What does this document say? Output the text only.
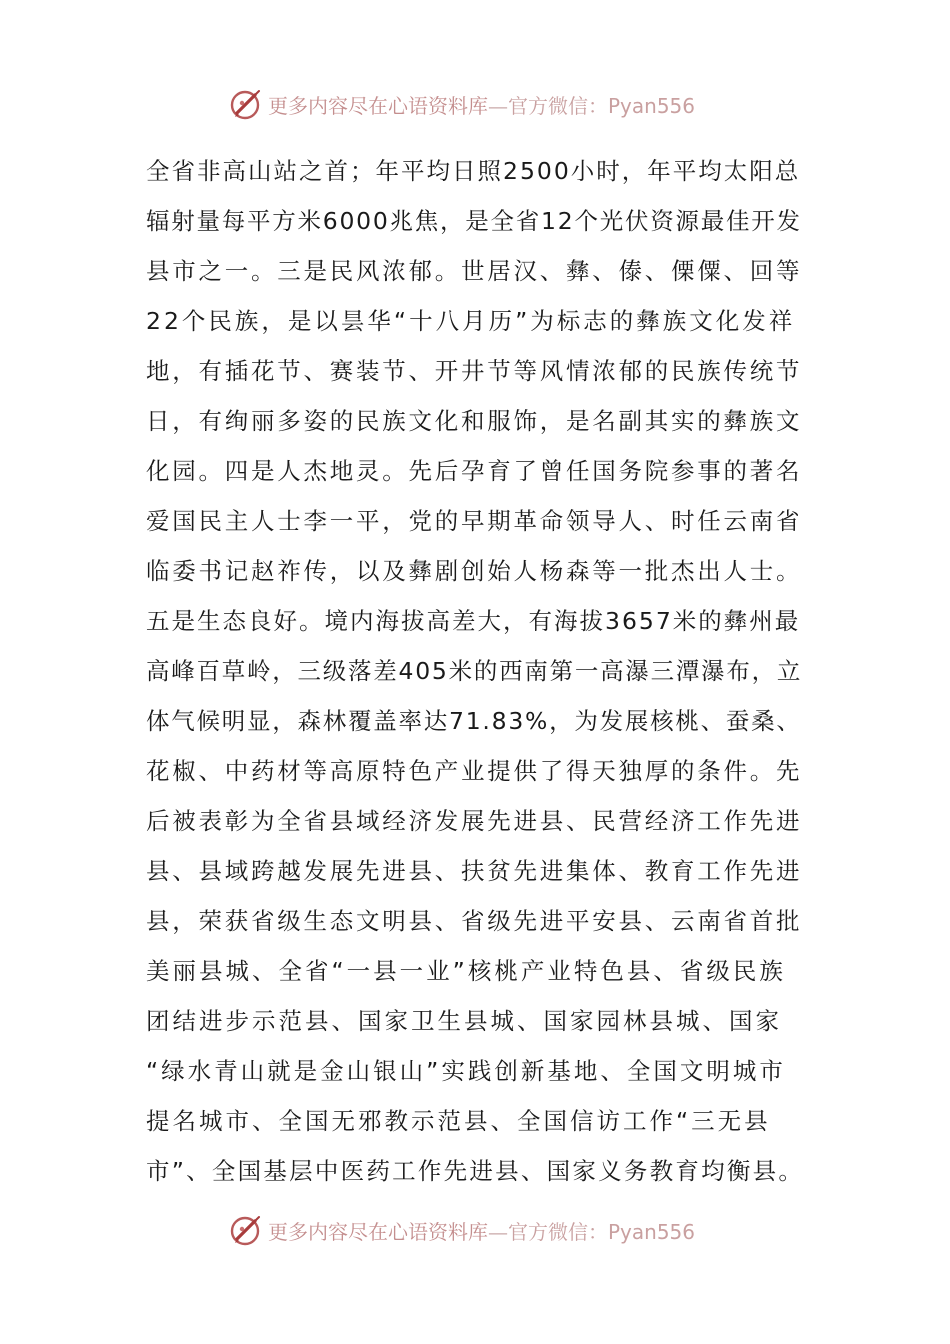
更多内容尽在心语资料库—官方微信：Pyan556
全省非高山站之首；年平均日照2500小时，年平均太阳总
辐射量每平方米6000兆焦，是全省12个光伏资源最佳开发
县市之一。三是民风浓郁。世居汉、彝、傣、傈僳、回等
22个民族，是以昙华“十八月历”为标志的彝族文化发祥
地，有插花节、赛装节、开井节等风情浓郁的民族传统节
日，有绚丽多姿的民族文化和服饰，是名副其实的彝族文
化园。四是人杰地灵。先后孕育了曾任国务院参事的著名
爱国民主人士李一平，党的早期革命领导人、时任云南省
临委书记赵祚传，以及彝剧创始人杨森等一批杰出人士。
五是生态良好。境内海拔高差大，有海拔3657米的彝州最
高峰百草岭，三级落差405米的西南第一高瀑三潭瀑布，立
体气候明显，森林覆盖率达71.83%，为发展核桃、蚕桑、
花椒、中药材等高原特色产业提供了得天独厚的条件。先
后被表彰为全省县域经济发展先进县、民营经济工作先进
县、县域跨越发展先进县、扶贫先进集体、教育工作先进
县，荣获省级生态文明县、省级先进平安县、云南省首批
美丽县城、全省“一县一业”核桃产业特色县、省级民族
团结进步示范县、国家卫生县城、国家园林县城、国家
“绿水青山就是金山银山”实践创新基地、全国文明城市
提名城市、全国无邪教示范县、全国信访工作“三无县
市”、全国基层中医药工作先进县、国家义务教育均衡县。
更多内容尽在心语资料库—官方微信：Pyan556
